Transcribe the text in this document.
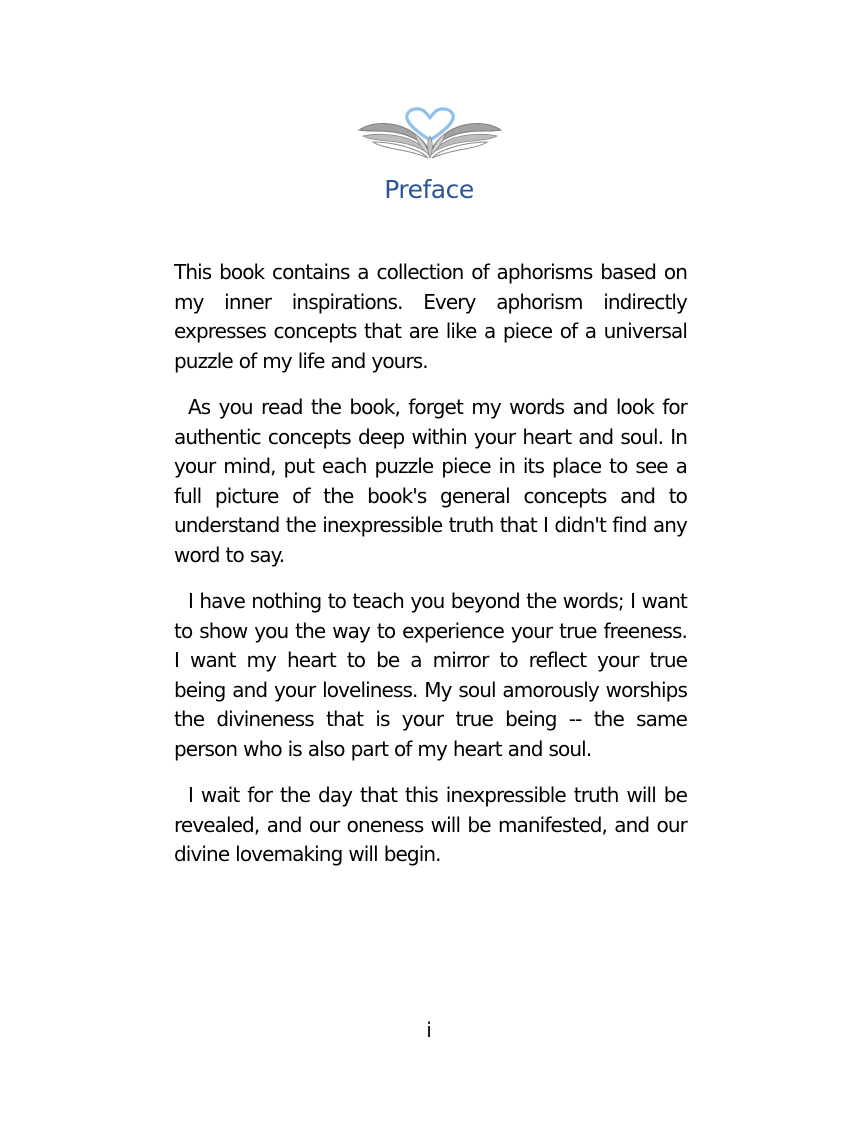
Preface

This book contains a collection of aphorisms based on my inner inspirations. Every aphorism indirectly expresses concepts that are like a piece of a universal puzzle of my life and yours.

As you read the book, forget my words and look for authentic concepts deep within your heart and soul. In your mind, put each puzzle piece in its place to see a full picture of the book's general concepts and to understand the inexpressible truth that I didn't find any word to say.

I have nothing to teach you beyond the words; I want to show you the way to experience your true freeness. I want my heart to be a mirror to reflect your true being and your loveliness. My soul amorously worships the divineness that is your true being -- the same person who is also part of my heart and soul.

I wait for the day that this inexpressible truth will be revealed, and our oneness will be manifested, and our divine lovemaking will begin.

i
